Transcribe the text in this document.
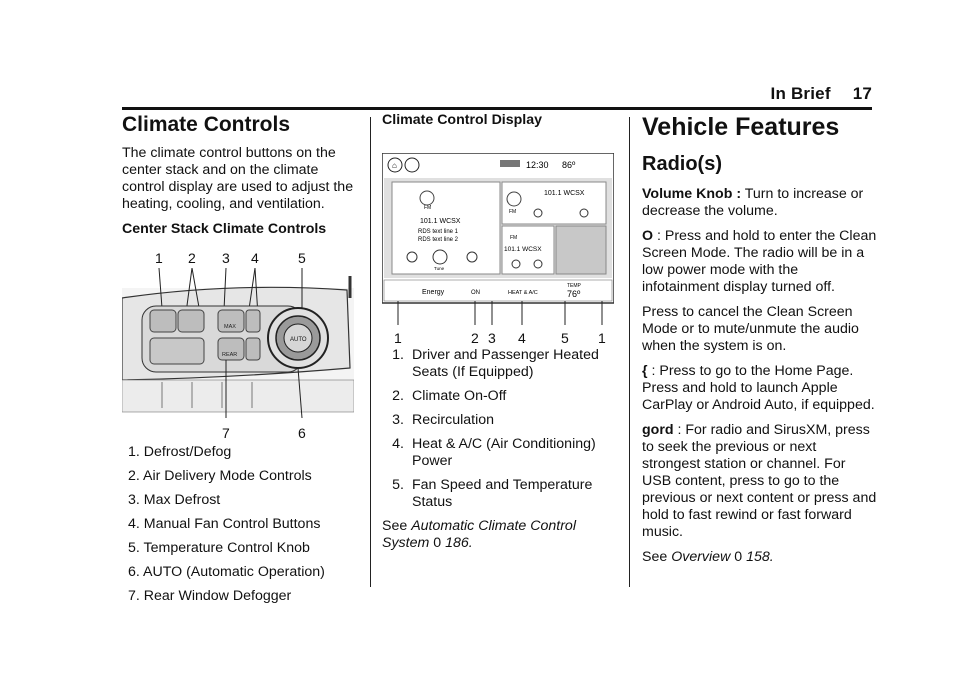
In Brief 17
Climate Controls

The climate control buttons on the center stack and on the climate control display are used to adjust the heating, cooling, and ventilation.

Center Stack Climate Controls

1 2 3 4	5
MAX
REAR
AUTO
7	6
1. Defrost/Defog
2. Air Delivery Mode Controls
3. Max Defrost
4. Manual Fan Control Buttons
5. Temperature Control Knob
6. AUTO (Automatic Operation)
7. Rear Window Defogger

Climate Control Display

⌂	12:30 86º
FM
101.1 WCSX
RDS text line 1
RDS text line 2
Tune
FM
101.1 WCSX
FM
101.1 WCSX
Energy	ON	HEAT & A/C
TEMP
76º
1	2 3 4	5 1
1. Driver and Passenger Heated Seats (If Equipped)
2. Climate On-Off
3. Recirculation
4. Heat & A/C (Air Conditioning) Power
5. Fan Speed and Temperature Status

See Automatic Climate Control System 0 186.

Vehicle Features
Radio(s)

Volume Knob : Turn to increase or decrease the volume.

O : Press and hold to enter the Clean Screen Mode. The radio will be in a low power mode with the infotainment display turned off.

Press to cancel the Clean Screen Mode or to mute/unmute the audio when the system is on.

{ : Press to go to the Home Page. Press and hold to launch Apple CarPlay or Android Auto, if equipped.

gord : For radio and SirusXM, press to seek the previous or next strongest station or channel. For USB content, press to go to the previous or next content or press and hold to fast rewind or fast forward music.

See Overview 0 158.
